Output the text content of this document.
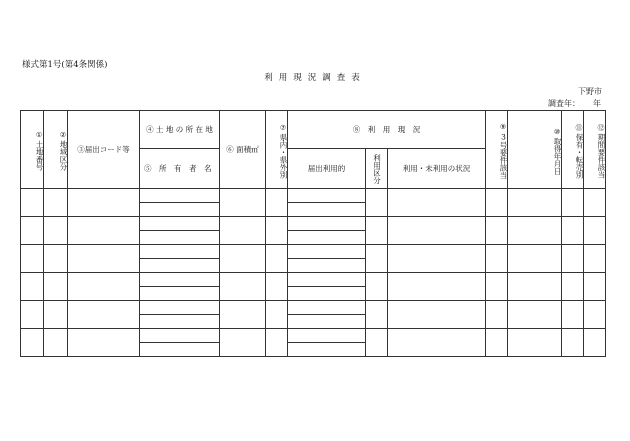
様式第1号(第4条関係)
利用現況調査表
下野市
調査年： 年
①土地番号	②地域区分	③届出コード等	④ 土 地 の 所 在 地	⑥ 面積㎡	⑦県内・県外別	⑧　利　用　現　況			⑨3号要件該当	⑩取得年月日	⑪保有・転売別	⑫期間要件該当
			⑤　所　有　者　名			届出利用的	利用区分	利用・未利用の状況				
